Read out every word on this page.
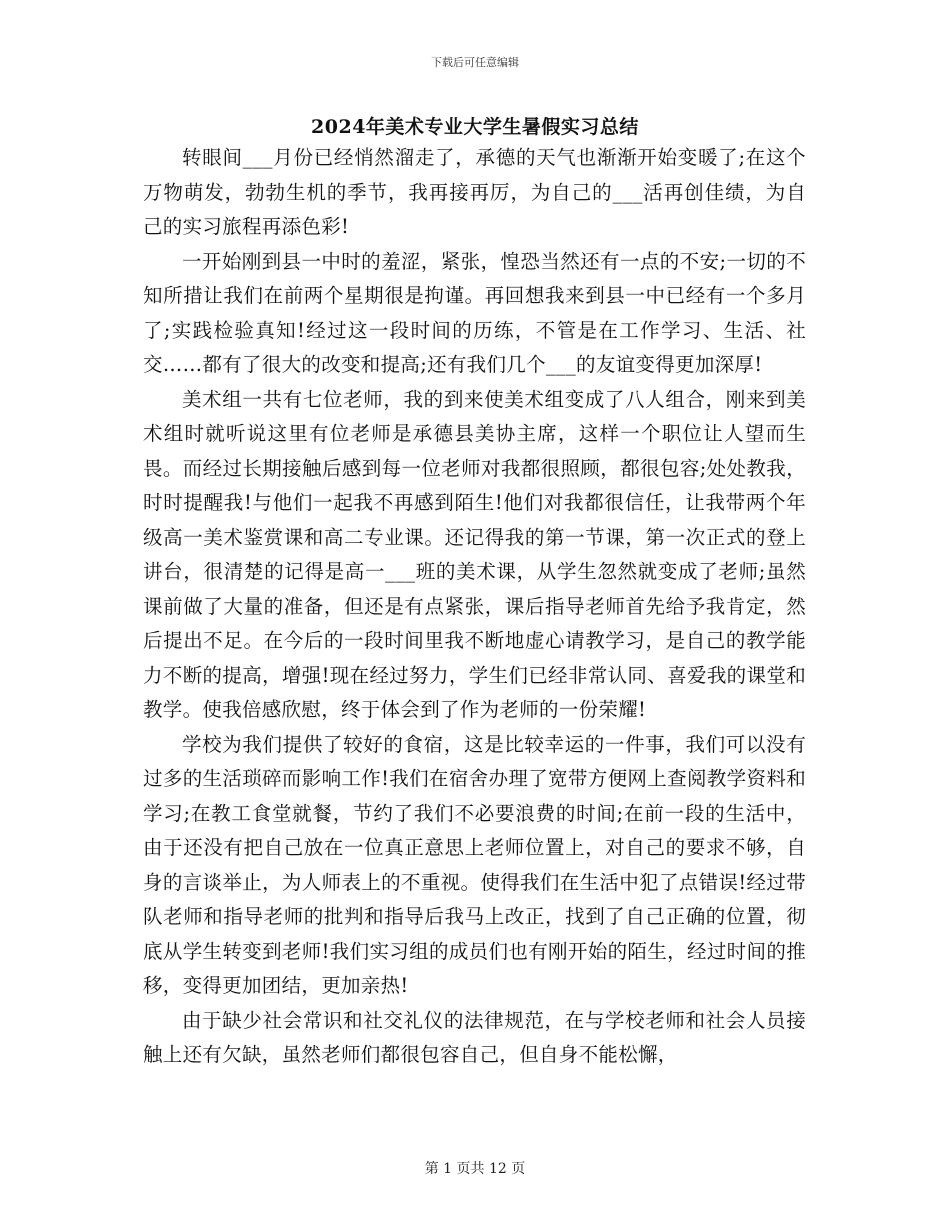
下载后可任意编辑
2024年美术专业大学生暑假实习总结

转眼间___月份已经悄然溜走了，承德的天气也渐渐开始变暖了;在这个万物萌发，勃勃生机的季节，我再接再厉，为自己的___活再创佳绩，为自己的实习旅程再添色彩!

一开始刚到县一中时的羞涩，紧张，惶恐当然还有一点的不安;一切的不知所措让我们在前两个星期很是拘谨。再回想我来到县一中已经有一个多月了;实践检验真知!经过这一段时间的历练，不管是在工作学习、生活、社交……都有了很大的改变和提高;还有我们几个___的友谊变得更加深厚!

美术组一共有七位老师，我的到来使美术组变成了八人组合，刚来到美术组时就听说这里有位老师是承德县美协主席，这样一个职位让人望而生畏。而经过长期接触后感到每一位老师对我都很照顾，都很包容;处处教我，时时提醒我!与他们一起我不再感到陌生!他们对我都很信任，让我带两个年级高一美术鉴赏课和高二专业课。还记得我的第一节课，第一次正式的登上讲台，很清楚的记得是高一___班的美术课，从学生忽然就变成了老师;虽然课前做了大量的准备，但还是有点紧张，课后指导老师首先给予我肯定，然后提出不足。在今后的一段时间里我不断地虚心请教学习，是自己的教学能力不断的提高，增强!现在经过努力，学生们已经非常认同、喜爱我的课堂和教学。使我倍感欣慰，终于体会到了作为老师的一份荣耀!

学校为我们提供了较好的食宿，这是比较幸运的一件事，我们可以没有过多的生活琐碎而影响工作!我们在宿舍办理了宽带方便网上查阅教学资料和学习;在教工食堂就餐，节约了我们不必要浪费的时间;在前一段的生活中，由于还没有把自己放在一位真正意思上老师位置上，对自己的要求不够，自身的言谈举止，为人师表上的不重视。使得我们在生活中犯了点错误!经过带队老师和指导老师的批判和指导后我马上改正，找到了自己正确的位置，彻底从学生转变到老师!我们实习组的成员们也有刚开始的陌生，经过时间的推移，变得更加团结，更加亲热!

由于缺少社会常识和社交礼仪的法律规范，在与学校老师和社会人员接触上还有欠缺，虽然老师们都很包容自己，但自身不能松懈，

第 1 页共 12 页
